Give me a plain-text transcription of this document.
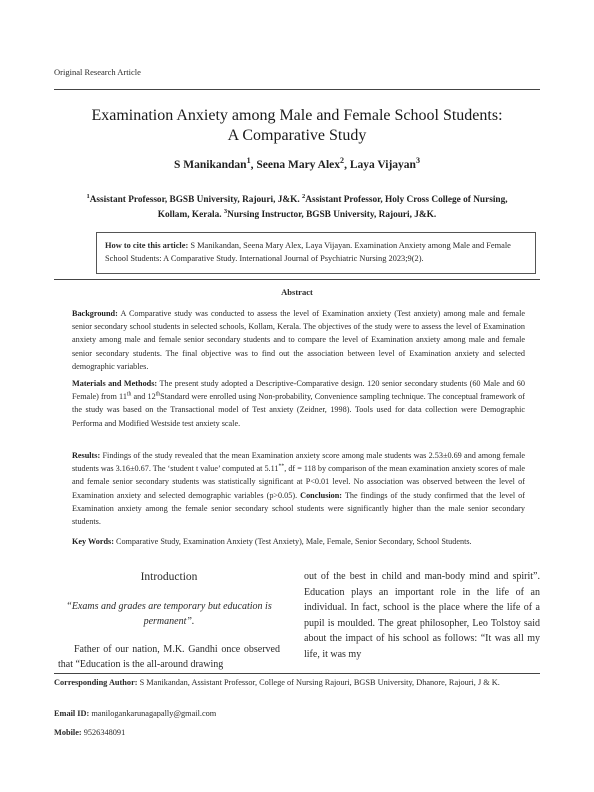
Original Research Article
Examination Anxiety among Male and Female School Students:
A Comparative Study
S Manikandan$^1$, Seena Mary Alex$^2$, Laya Vijayan$^3$
$^1$Assistant Professor, BGSB University, Rajouri, J&K. $^2$Assistant Professor, Holy Cross College of Nursing,
Kollam, Kerala. $^3$Nursing Instructor, BGSB University, Rajouri, J&K.
How to cite this article: S Manikandan, Seena Mary Alex, Laya Vijayan. Examination Anxiety among Male and Female School Students: A Comparative Study. International Journal of Psychiatric Nursing 2023;9(2).
Abstract
Background: A Comparative study was conducted to assess the level of Examination anxiety (Test anxiety) among male and female senior secondary school students in selected schools, Kollam, Kerala. The objectives of the study were to assess the level of Examination anxiety among male and female senior secondary students and to compare the level of Examination anxiety among male and female senior secondary students. The final objective was to find out the association between level of Examination anxiety and selected demographic variables.
Materials and Methods: The present study adopted a Descriptive-Comparative design. 120 senior secondary students (60 Male and 60 Female) from 11th and 12thStandard were enrolled using Non-probability, Convenience sampling technique. The conceptual framework of the study was based on the Transactional model of Test anxiety (Zeidner, 1998). Tools used for data collection were Demographic Performa and Modified Westside test anxiety scale.
Results: Findings of the study revealed that the mean Examination anxiety score among male students was 2.53±0.69 and among female students was 3.16±0.67. The ‘student t value’ computed at 5.11**, df = 118 by comparison of the mean examination anxiety scores of male and female senior secondary students was statistically significant at P<0.01 level. No association was observed between the level of Examination anxiety and selected demographic variables (p>0.05). Conclusion: The findings of the study confirmed that the level of Examination anxiety among the female senior secondary school students were significantly higher than the male senior secondary students.
Key Words: Comparative Study, Examination Anxiety (Test Anxiety), Male, Female, Senior Secondary, School Students.
Introduction
“Exams and grades are temporary but education is permanent”.
Father of our nation, M.K. Gandhi once observed that “Education is the all-around drawing
out of the best in child and man-body mind and spirit”. Education plays an important role in the life of an individual. In fact, school is the place where the life of a pupil is moulded. The great philosopher, Leo Tolstoy said about the impact of his school as follows: “It was all my life, it was my
Corresponding Author: S Manikandan, Assistant Professor, College of Nursing Rajouri, BGSB University, Dhanore, Rajouri, J & K.
Email ID: manilogankarunagapally@gmail.com
Mobile: 9526348091
